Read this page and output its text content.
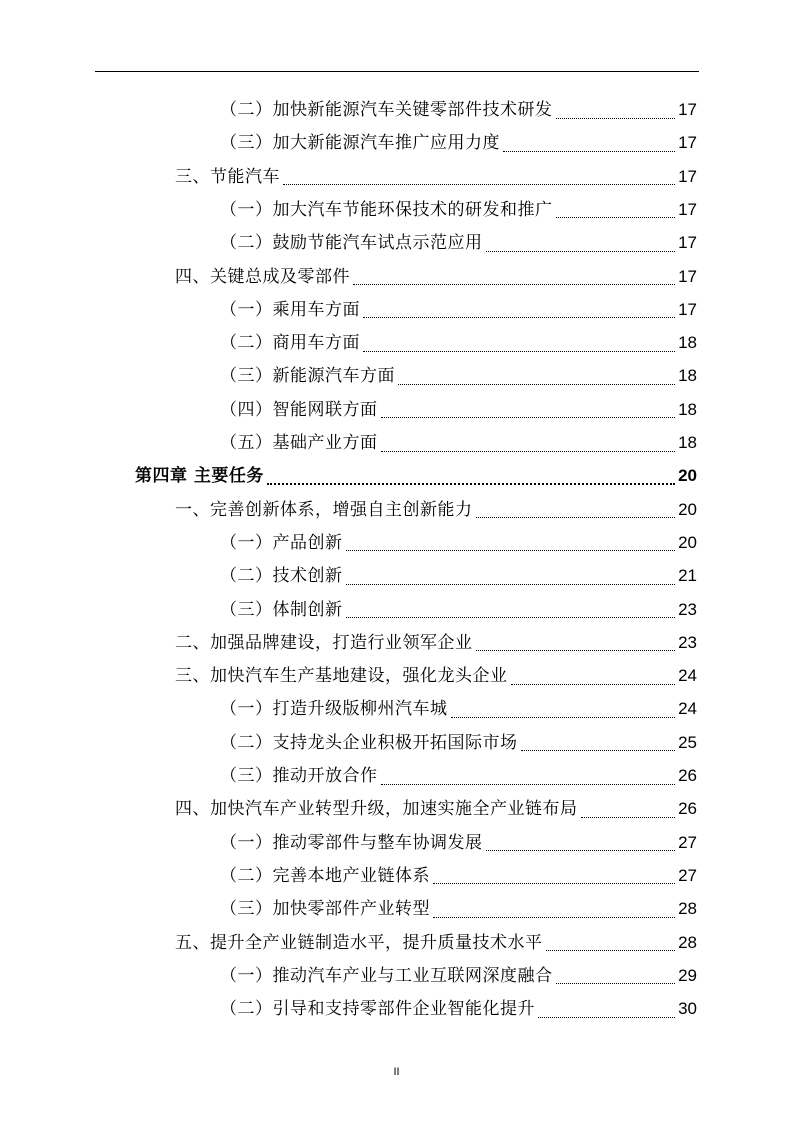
（二）加快新能源汽车关键零部件技术研发	17
（三）加大新能源汽车推广应用力度	17
三、节能汽车	17
（一）加大汽车节能环保技术的研发和推广	17
（二）鼓励节能汽车试点示范应用	17
四、关键总成及零部件	17
（一）乘用车方面	17
（二）商用车方面	18
（三）新能源汽车方面	18
（四）智能网联方面	18
（五）基础产业方面	18
第四章 主要任务	20
一、完善创新体系，增强自主创新能力	20
（一）产品创新	20
（二）技术创新	21
（三）体制创新	23
二、加强品牌建设，打造行业领军企业	23
三、加快汽车生产基地建设，强化龙头企业	24
（一）打造升级版柳州汽车城	24
（二）支持龙头企业积极开拓国际市场	25
（三）推动开放合作	26
四、加快汽车产业转型升级，加速实施全产业链布局	26
（一）推动零部件与整车协调发展	27
（二）完善本地产业链体系	27
（三）加快零部件产业转型	28
五、提升全产业链制造水平，提升质量技术水平	28
（一）推动汽车产业与工业互联网深度融合	29
（二）引导和支持零部件企业智能化提升	30
II
